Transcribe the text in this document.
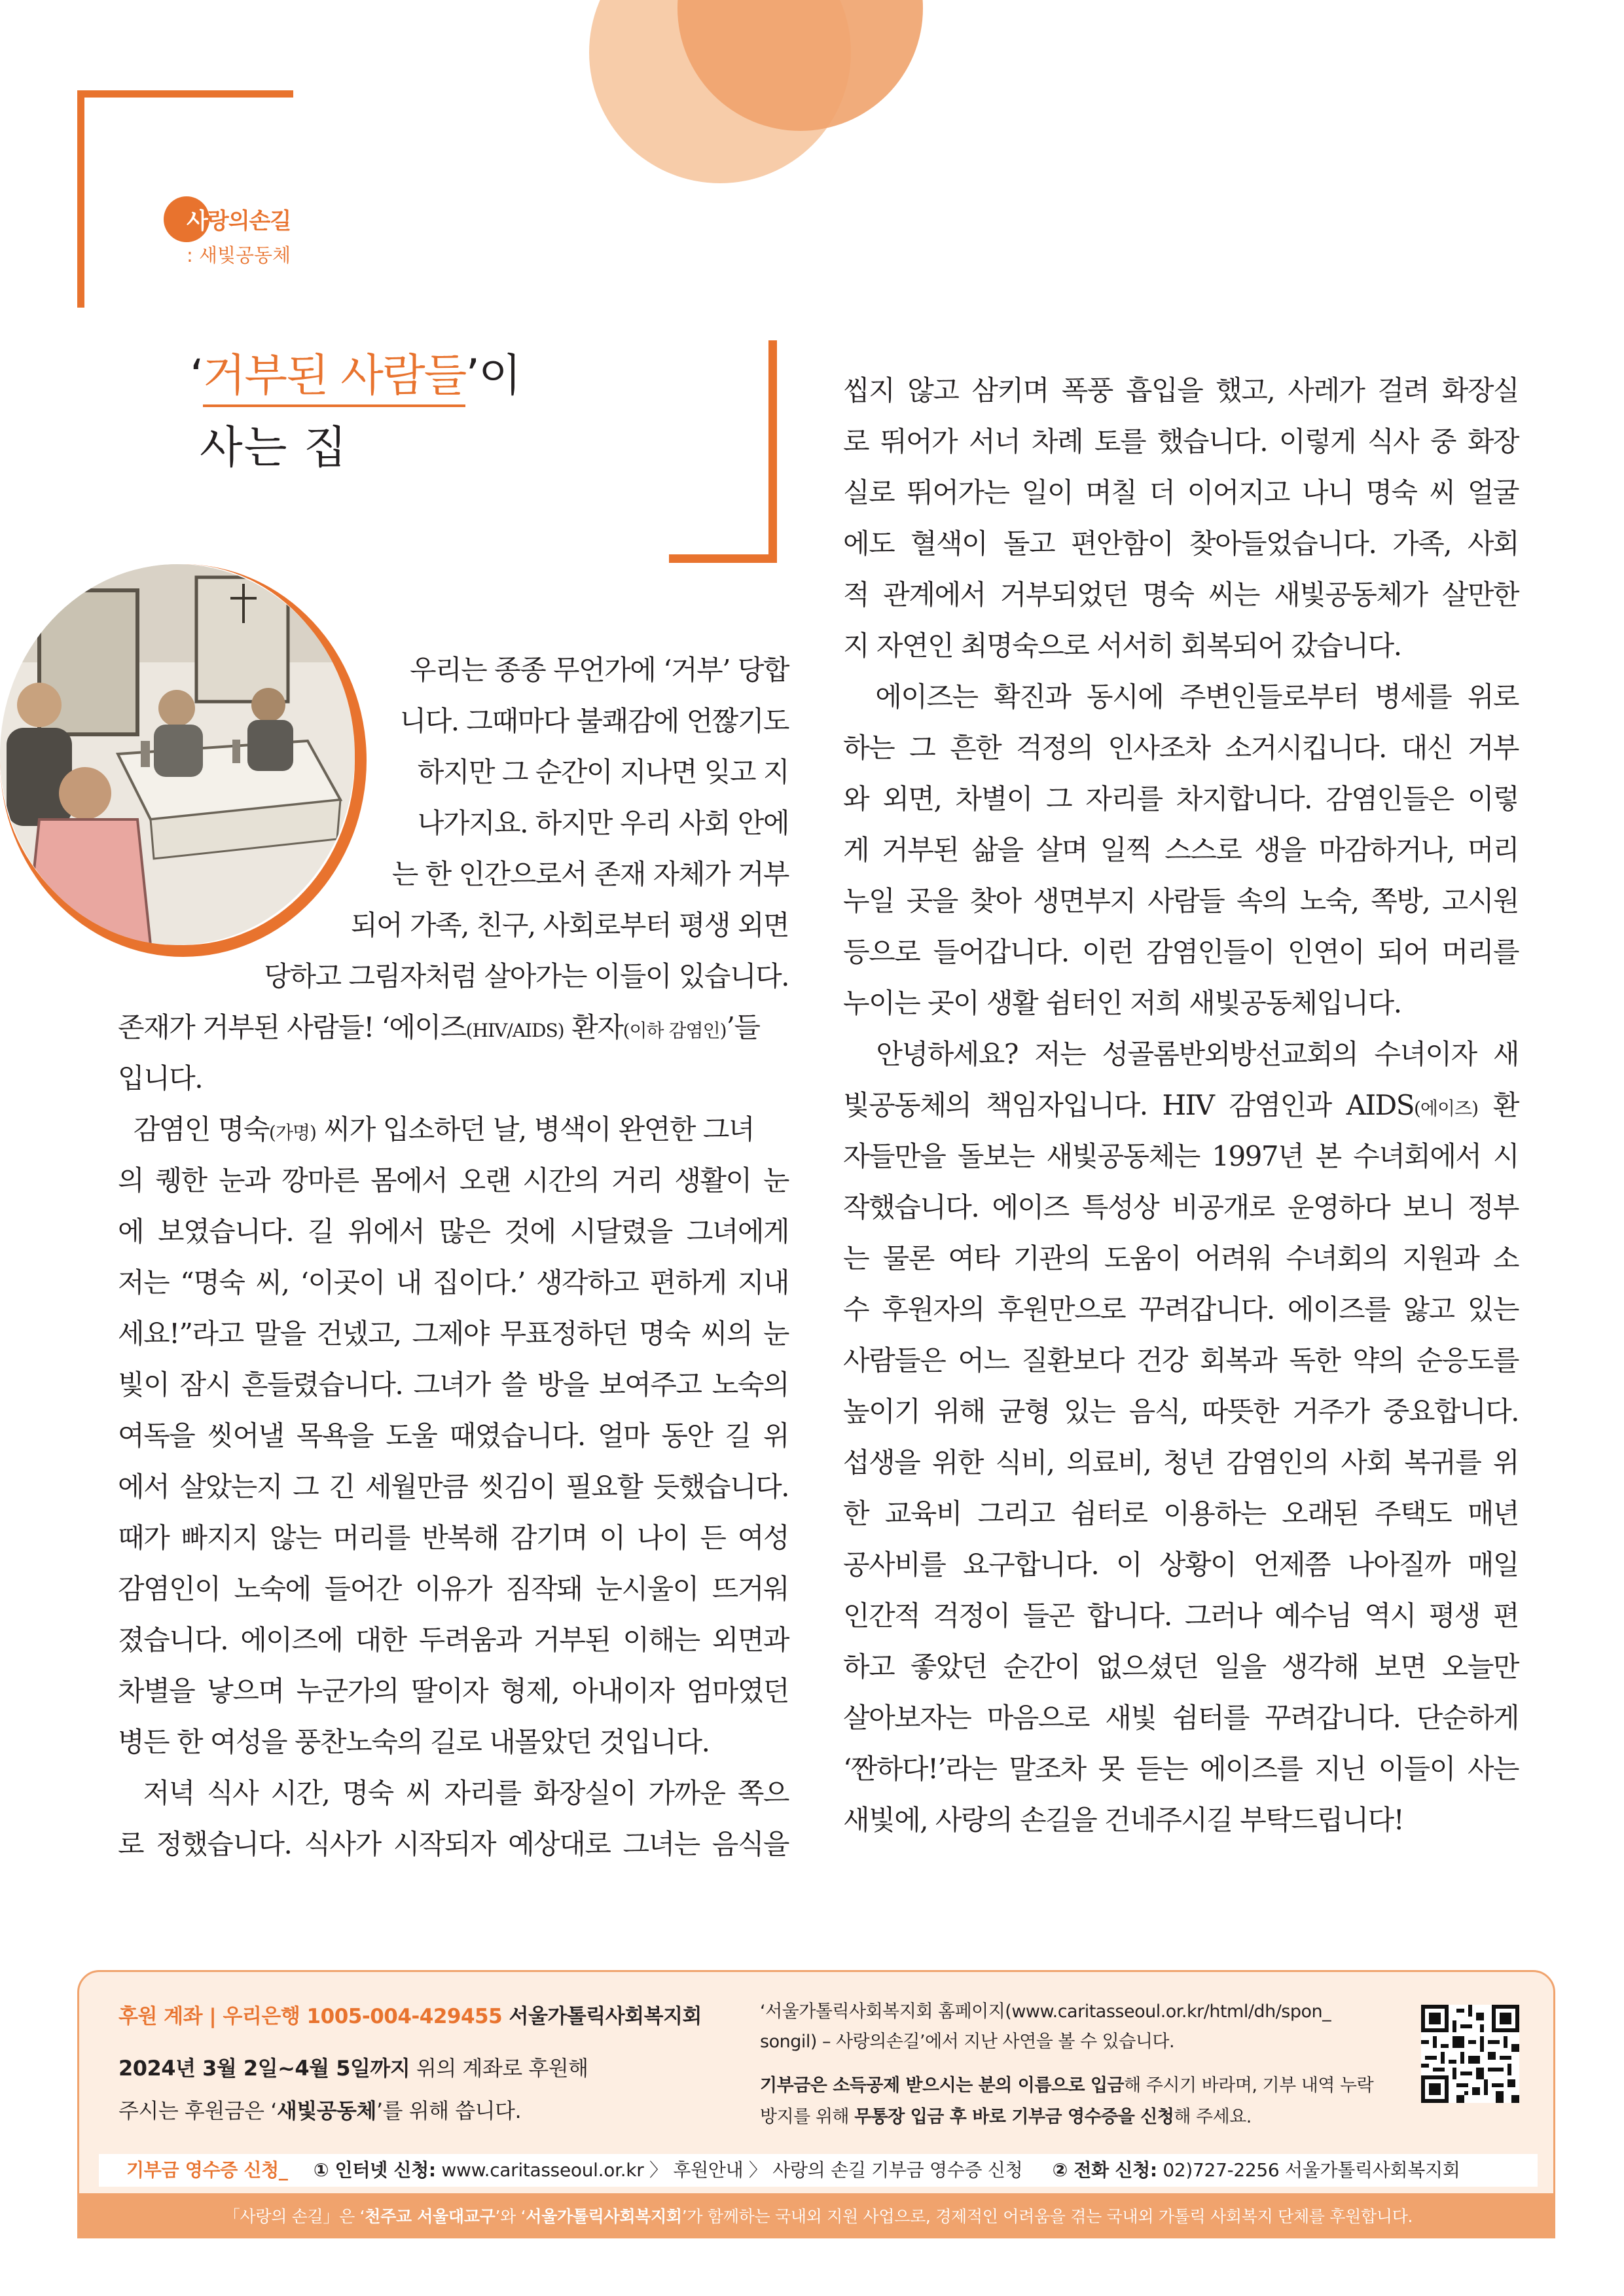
사랑의손길
: 새빛공동체
‘거부된 사람들’이
사는 집
우리는 종종 무언가에 ‘거부’ 당합
니다. 그때마다 불쾌감에 언짢기도
하지만 그 순간이 지나면 잊고 지
나가지요. 하지만 우리 사회 안에
는 한 인간으로서 존재 자체가 거부
되어 가족, 친구, 사회로부터 평생 외면
당하고 그림자처럼 살아가는 이들이 있습니다.
존재가 거부된 사람들! ‘에이즈(HIV/AIDS) 환자(이하 감염인)’들
입니다.
감염인 명숙(가명) 씨가 입소하던 날, 병색이 완연한 그녀
의 퀭한 눈과 깡마른 몸에서 오랜 시간의 거리 생활이 눈
에 보였습니다. 길 위에서 많은 것에 시달렸을 그녀에게
저는 “명숙 씨, ‘이곳이 내 집이다.’ 생각하고 편하게 지내
세요!”라고 말을 건넸고, 그제야 무표정하던 명숙 씨의 눈
빛이 잠시 흔들렸습니다. 그녀가 쓸 방을 보여주고 노숙의
여독을 씻어낼 목욕을 도울 때였습니다. 얼마 동안 길 위
에서 살았는지 그 긴 세월만큼 씻김이 필요할 듯했습니다.
때가 빠지지 않는 머리를 반복해 감기며 이 나이 든 여성
감염인이 노숙에 들어간 이유가 짐작돼 눈시울이 뜨거워
졌습니다. 에이즈에 대한 두려움과 거부된 이해는 외면과
차별을 낳으며 누군가의 딸이자 형제, 아내이자 엄마였던
병든 한 여성을 풍찬노숙의 길로 내몰았던 것입니다.
저녁 식사 시간, 명숙 씨 자리를 화장실이 가까운 쪽으
로 정했습니다. 식사가 시작되자 예상대로 그녀는 음식을
씹지 않고 삼키며 폭풍 흡입을 했고, 사레가 걸려 화장실
로 뛰어가 서너 차례 토를 했습니다. 이렇게 식사 중 화장
실로 뛰어가는 일이 며칠 더 이어지고 나니 명숙 씨 얼굴
에도 혈색이 돌고 편안함이 찾아들었습니다. 가족, 사회
적 관계에서 거부되었던 명숙 씨는 새빛공동체가 살만한
지 자연인 최명숙으로 서서히 회복되어 갔습니다.
에이즈는 확진과 동시에 주변인들로부터 병세를 위로
하는 그 흔한 걱정의 인사조차 소거시킵니다. 대신 거부
와 외면, 차별이 그 자리를 차지합니다. 감염인들은 이렇
게 거부된 삶을 살며 일찍 스스로 생을 마감하거나, 머리
누일 곳을 찾아 생면부지 사람들 속의 노숙, 쪽방, 고시원
등으로 들어갑니다. 이런 감염인들이 인연이 되어 머리를
누이는 곳이 생활 쉼터인 저희 새빛공동체입니다.
안녕하세요? 저는 성골롬반외방선교회의 수녀이자 새
빛공동체의 책임자입니다. HIV 감염인과 AIDS(에이즈) 환
자들만을 돌보는 새빛공동체는 1997년 본 수녀회에서 시
작했습니다. 에이즈 특성상 비공개로 운영하다 보니 정부
는 물론 여타 기관의 도움이 어려워 수녀회의 지원과 소
수 후원자의 후원만으로 꾸려갑니다. 에이즈를 앓고 있는
사람들은 어느 질환보다 건강 회복과 독한 약의 순응도를
높이기 위해 균형 있는 음식, 따뜻한 거주가 중요합니다.
섭생을 위한 식비, 의료비, 청년 감염인의 사회 복귀를 위
한 교육비 그리고 쉼터로 이용하는 오래된 주택도 매년
공사비를 요구합니다. 이 상황이 언제쯤 나아질까 매일
인간적 걱정이 들곤 합니다. 그러나 예수님 역시 평생 편
하고 좋았던 순간이 없으셨던 일을 생각해 보면 오늘만
살아보자는 마음으로 새빛 쉼터를 꾸려갑니다. 단순하게
‘짠하다!’라는 말조차 못 듣는 에이즈를 지닌 이들이 사는
새빛에, 사랑의 손길을 건네주시길 부탁드립니다!
후원 계좌 | 우리은행 1005-004-429455 서울가톨릭사회복지회
2024년 3월 2일~4월 5일까지 위의 계좌로 후원해
주시는 후원금은 ‘새빛공동체’를 위해 씁니다.
‘서울가톨릭사회복지회 홈페이지(www.caritasseoul.or.kr/html/dh/spon_
songil) – 사랑의손길’에서 지난 사연을 볼 수 있습니다.
기부금은 소득공제 받으시는 분의 이름으로 입금해 주시기 바라며, 기부 내역 누락
방지를 위해 무통장 입금 후 바로 기부금 영수증을 신청해 주세요.
기부금 영수증 신청_ ① 인터넷 신청: www.caritasseoul.or.kr 〉 후원안내 〉 사랑의 손길 기부금 영수증 신청 ② 전화 신청: 02)727-2256 서울가톨릭사회복지회
「사랑의 손길」은 ‘천주교 서울대교구’와 ‘서울가톨릭사회복지회’가 함께하는 국내외 지원 사업으로, 경제적인 어려움을 겪는 국내외 가톨릭 사회복지 단체를 후원합니다.
